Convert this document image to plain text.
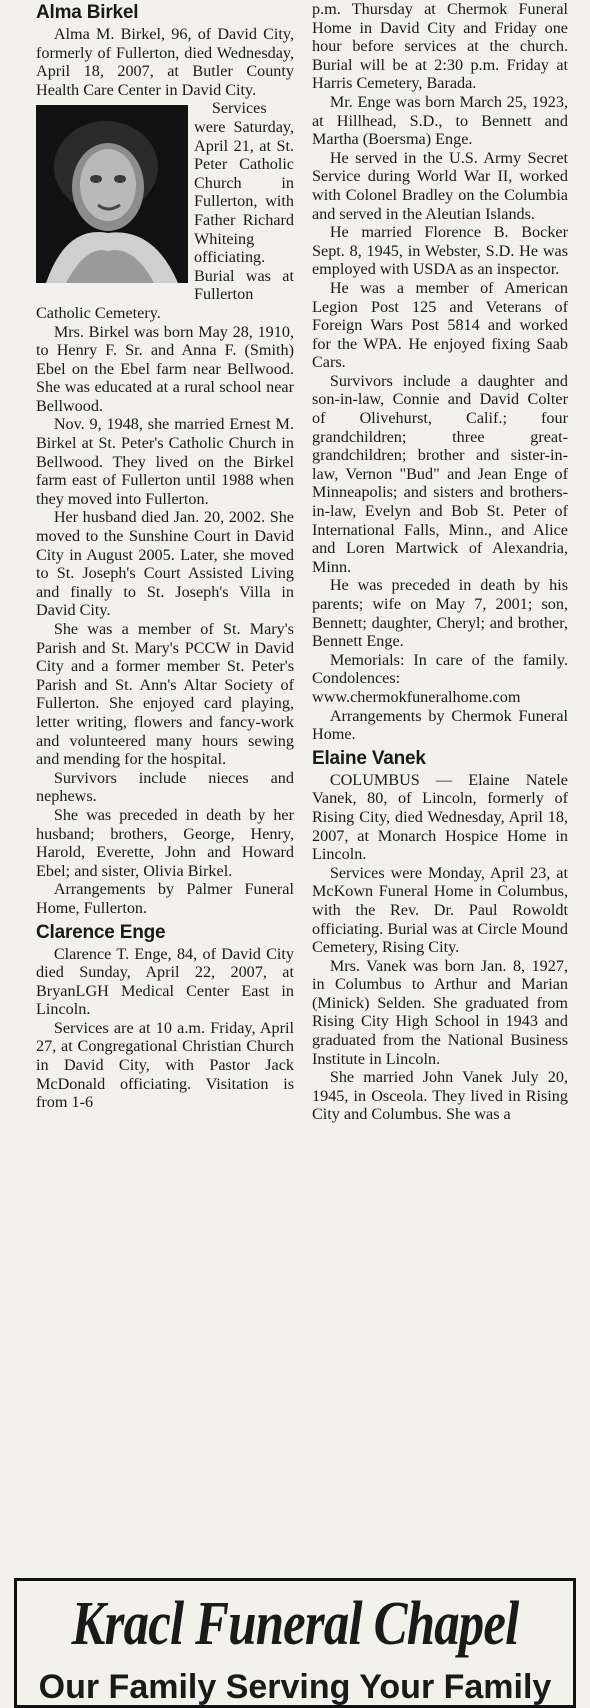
Alma Birkel

Alma M. Birkel, 96, of David City, formerly of Fullerton, died Wednesday, April 18, 2007, at Butler County Health Care Center in David City.

Services were Saturday, April 21, at St. Peter Catholic Church in Fullerton, with Father Richard Whiteing officiating. Burial was at Fullerton Catholic Cemetery.

Mrs. Birkel was born May 28, 1910, to Henry F. Sr. and Anna F. (Smith) Ebel on the Ebel farm near Bellwood. She was educated at a rural school near Bellwood.

Nov. 9, 1948, she married Ernest M. Birkel at St. Peter's Catholic Church in Bellwood. They lived on the Birkel farm east of Fullerton until 1988 when they moved into Fullerton.

Her husband died Jan. 20, 2002. She moved to the Sunshine Court in David City in August 2005. Later, she moved to St. Joseph's Court Assisted Living and finally to St. Joseph's Villa in David City.

She was a member of St. Mary's Parish and St. Mary's PCCW in David City and a former member St. Peter's Parish and St. Ann's Altar Society of Fullerton. She enjoyed card playing, letter writing, flowers and fancy-work and volunteered many hours sewing and mending for the hospital.

Survivors include nieces and nephews.

She was preceded in death by her husband; brothers, George, Henry, Harold, Everette, John and Howard Ebel; and sister, Olivia Birkel.

Arrangements by Palmer Funeral Home, Fullerton.

Clarence Enge

Clarence T. Enge, 84, of David City died Sunday, April 22, 2007, at BryanLGH Medical Center East in Lincoln.

Services are at 10 a.m. Friday, April 27, at Congregational Christian Church in David City, with Pastor Jack McDonald officiating. Visitation is from 1-6

p.m. Thursday at Chermok Funeral Home in David City and Friday one hour before services at the church. Burial will be at 2:30 p.m. Friday at Harris Cemetery, Barada.

Mr. Enge was born March 25, 1923, at Hillhead, S.D., to Bennett and Martha (Boersma) Enge.

He served in the U.S. Army Secret Service during World War II, worked with Colonel Bradley on the Columbia and served in the Aleutian Islands.

He married Florence B. Bocker Sept. 8, 1945, in Webster, S.D. He was employed with USDA as an inspector.

He was a member of American Legion Post 125 and Veterans of Foreign Wars Post 5814 and worked for the WPA. He enjoyed fixing Saab Cars.

Survivors include a daughter and son-in-law, Connie and David Colter of Olivehurst, Calif.; four grandchildren; three great-grandchildren; brother and sister-in-law, Vernon "Bud" and Jean Enge of Minneapolis; and sisters and brothers-in-law, Evelyn and Bob St. Peter of International Falls, Minn., and Alice and Loren Martwick of Alexandria, Minn.

He was preceded in death by his parents; wife on May 7, 2001; son, Bennett; daughter, Cheryl; and brother, Bennett Enge.

Memorials: In care of the family. Condolences: www.chermokfuneralhome.com

Arrangements by Chermok Funeral Home.

Elaine Vanek

COLUMBUS — Elaine Natele Vanek, 80, of Lincoln, formerly of Rising City, died Wednesday, April 18, 2007, at Monarch Hospice Home in Lincoln.

Services were Monday, April 23, at McKown Funeral Home in Columbus, with the Rev. Dr. Paul Rowoldt officiating. Burial was at Circle Mound Cemetery, Rising City.

Mrs. Vanek was born Jan. 8, 1927, in Columbus to Arthur and Marian (Minick) Selden. She graduated from Rising City High School in 1943 and graduated from the National Business Institute in Lincoln.

She married John Vanek July 20, 1945, in Osceola. They lived in Rising City and Columbus. She was a

Kracl Funeral Chapel
Our Family Serving Your Family
